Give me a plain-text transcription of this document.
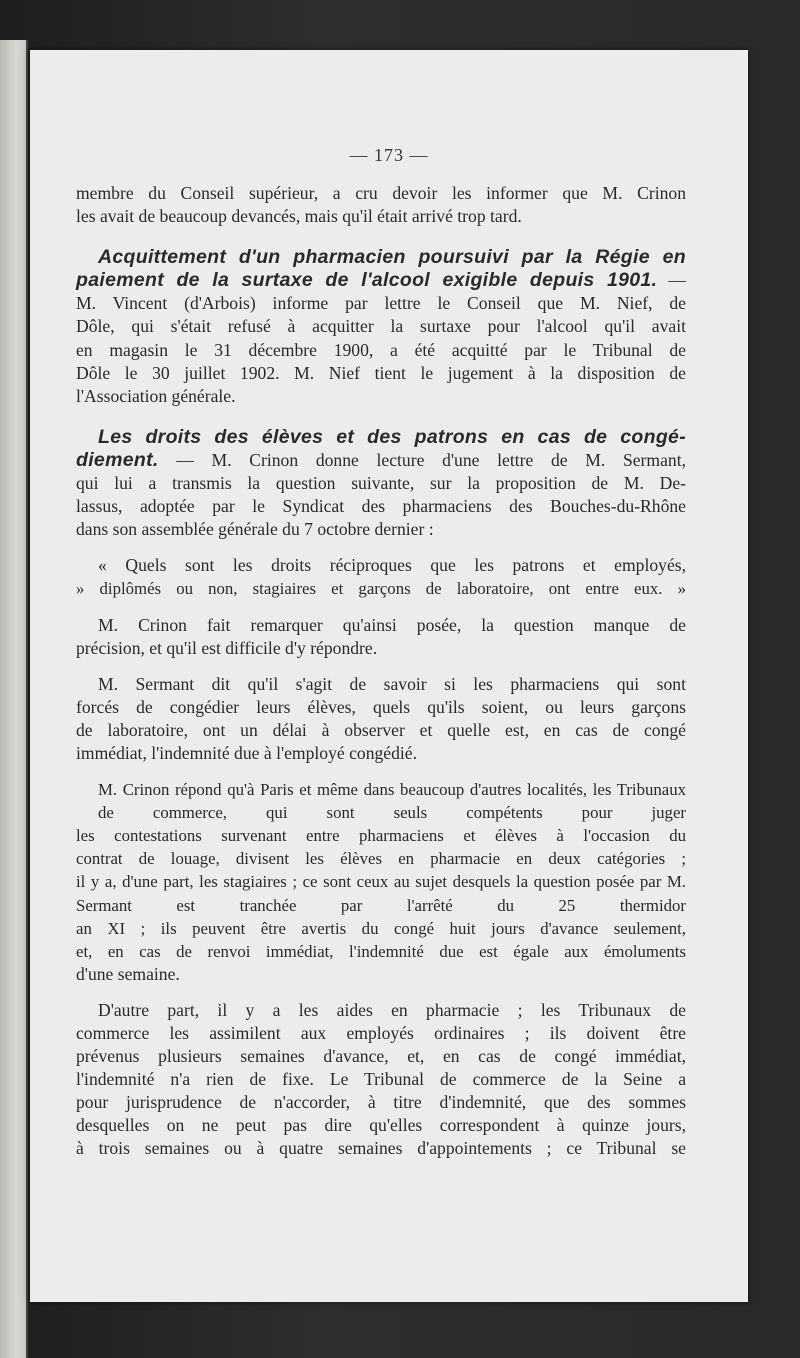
— 173 —
membre du Conseil supérieur, a cru devoir les informer que M. Crinon
les avait de beaucoup devancés, mais qu'il était arrivé trop tard.
Acquittement d'un pharmacien poursuivi par la Régie en
paiement de la surtaxe de l'alcool exigible depuis 1901. —
M. Vincent (d'Arbois) informe par lettre le Conseil que M. Nief, de
Dôle, qui s'était refusé à acquitter la surtaxe pour l'alcool qu'il avait
en magasin le 31 décembre 1900, a été acquitté par le Tribunal de
Dôle le 30 juillet 1902. M. Nief tient le jugement à la disposition de
l'Association générale.
Les droits des élèves et des patrons en cas de congé-
diement. — M. Crinon donne lecture d'une lettre de M. Sermant,
qui lui a transmis la question suivante, sur la proposition de M. De-
lassus, adoptée par le Syndicat des pharmaciens des Bouches-du-Rhône
dans son assemblée générale du 7 octobre dernier :
« Quels sont les droits réciproques que les patrons et employés,
» diplômés ou non, stagiaires et garçons de laboratoire, ont entre eux. »
M. Crinon fait remarquer qu'ainsi posée, la question manque de
précision, et qu'il est difficile d'y répondre.
M. Sermant dit qu'il s'agit de savoir si les pharmaciens qui sont
forcés de congédier leurs élèves, quels qu'ils soient, ou leurs garçons
de laboratoire, ont un délai à observer et quelle est, en cas de congé
immédiat, l'indemnité due à l'employé congédié.
M. Crinon répond qu'à Paris et même dans beaucoup d'autres localités, les Tribunaux de commerce, qui sont seuls compétents pour juger
les contestations survenant entre pharmaciens et élèves à l'occasion du
contrat de louage, divisent les élèves en pharmacie en deux catégories ;
il y a, d'une part, les stagiaires ; ce sont ceux au sujet desquels la question posée par M. Sermant est tranchée par l'arrêté du 25 thermidor
an XI ; ils peuvent être avertis du congé huit jours d'avance seulement,
et, en cas de renvoi immédiat, l'indemnité due est égale aux émoluments
d'une semaine.
D'autre part, il y a les aides en pharmacie ; les Tribunaux de
commerce les assimilent aux employés ordinaires ; ils doivent être
prévenus plusieurs semaines d'avance, et, en cas de congé immédiat,
l'indemnité n'a rien de fixe. Le Tribunal de commerce de la Seine a
pour jurisprudence de n'accorder, à titre d'indemnité, que des sommes
desquelles on ne peut pas dire qu'elles correspondent à quinze jours,
à trois semaines ou à quatre semaines d'appointements ; ce Tribunal se
